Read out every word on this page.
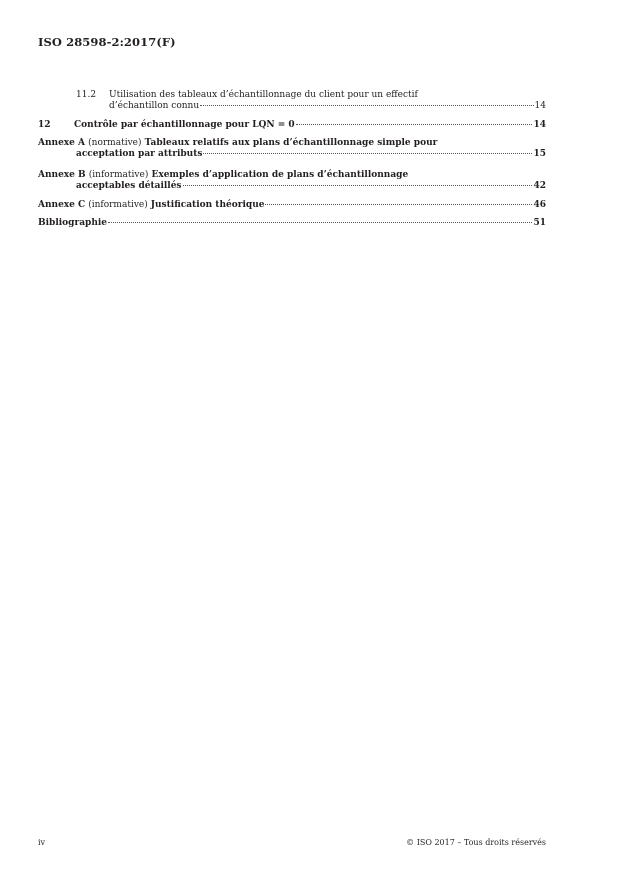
ISO 28598-2:2017(F)
11.2 Utilisation des tableaux d’échantillonnage du client pour un effectif
d’échantillon connu	14
12	Contrôle par échantillonnage pour LQN = 0	14
Annexe A (normative) Tableaux relatifs aux plans d’échantillonnage simple pour
acceptation par attributs	15
Annexe B (informative) Exemples d’application de plans d’échantillonnage
acceptables détaillés	42
Annexe C (informative) Justification théorique	46
Bibliographie	51
iv	© ISO 2017 – Tous droits réservés
